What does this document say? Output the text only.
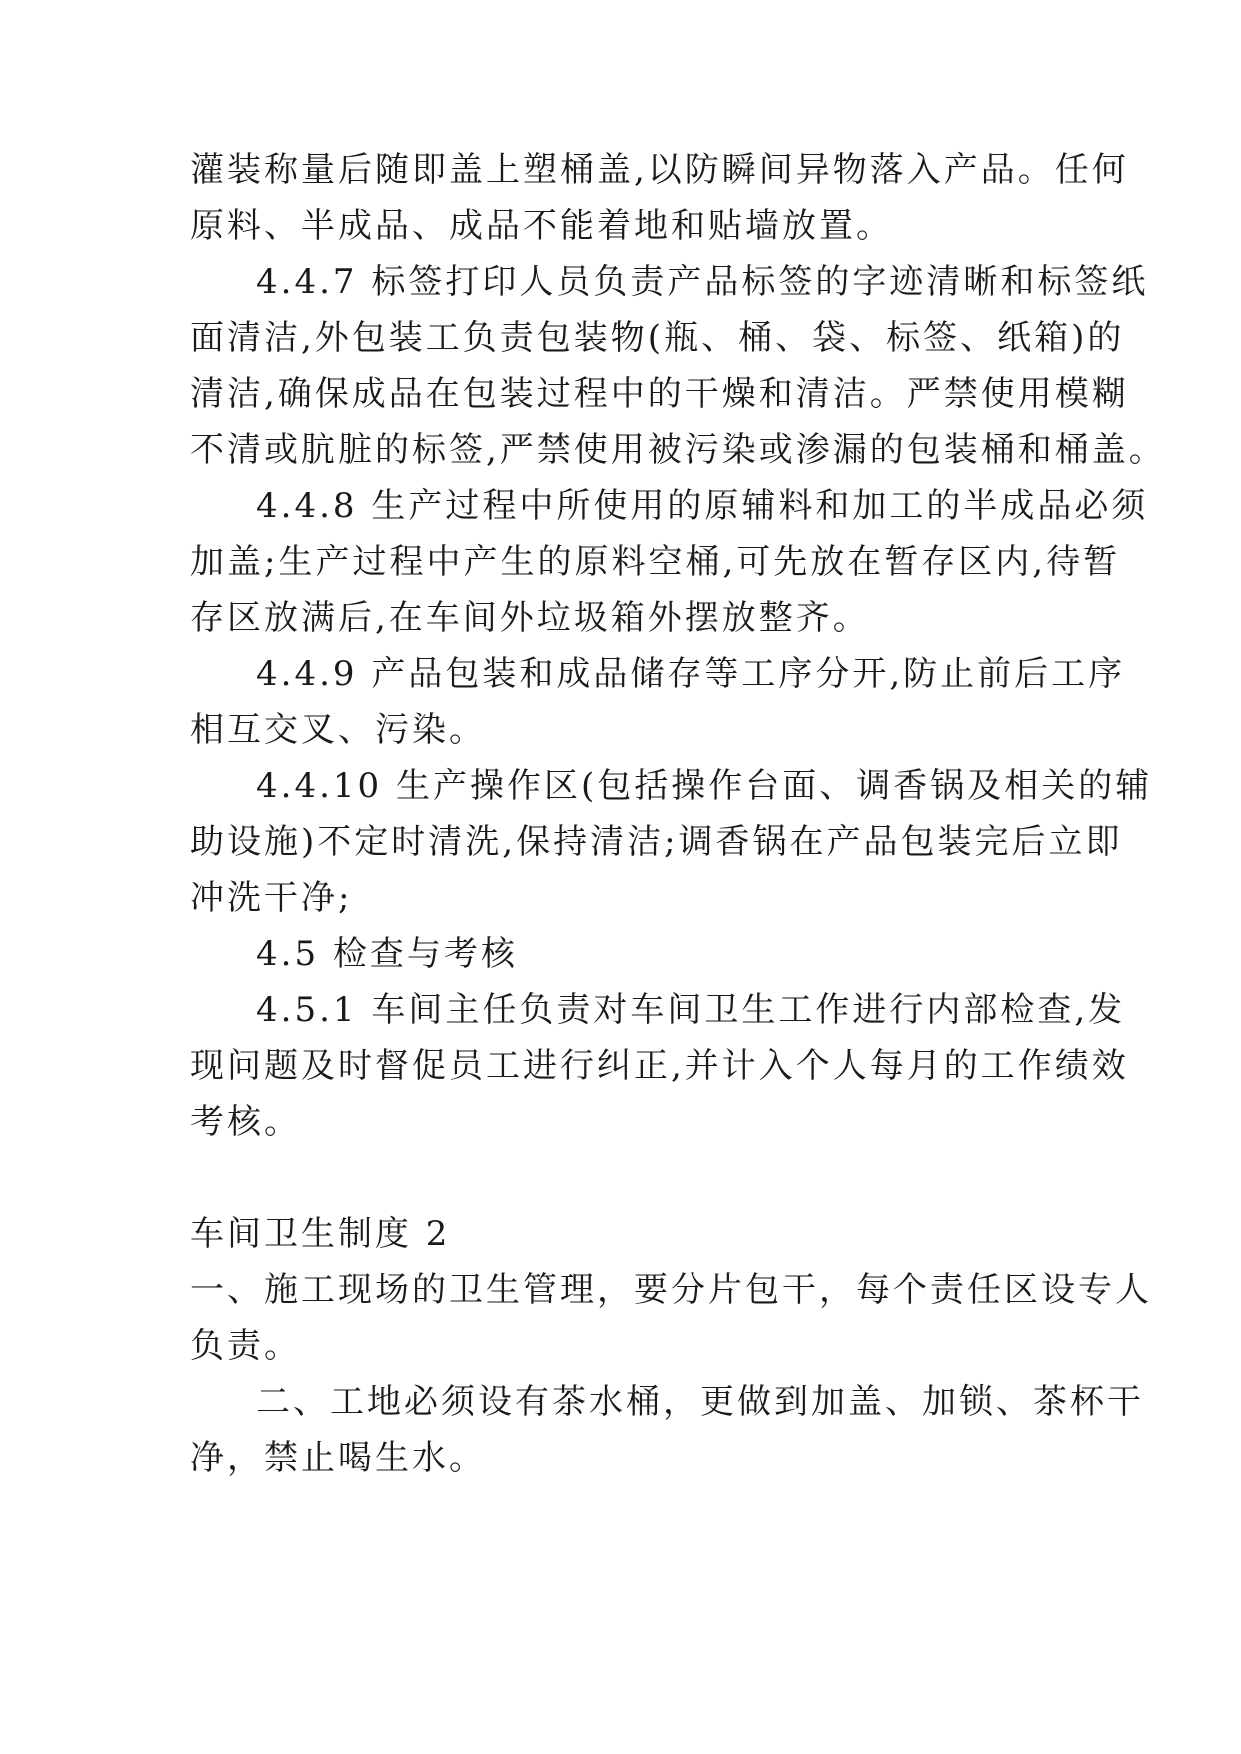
灌装称量后随即盖上塑桶盖,以防瞬间异物落入产品。任何
原料、半成品、成品不能着地和贴墙放置。
4.4.7 标签打印人员负责产品标签的字迹清晰和标签纸
面清洁,外包装工负责包装物(瓶、桶、袋、标签、纸箱)的
清洁,确保成品在包装过程中的干燥和清洁。严禁使用模糊
不清或肮脏的标签,严禁使用被污染或渗漏的包装桶和桶盖。
4.4.8 生产过程中所使用的原辅料和加工的半成品必须
加盖;生产过程中产生的原料空桶,可先放在暂存区内,待暂
存区放满后,在车间外垃圾箱外摆放整齐。
4.4.9 产品包装和成品储存等工序分开,防止前后工序
相互交叉、污染。
4.4.10 生产操作区(包括操作台面、调香锅及相关的辅
助设施)不定时清洗,保持清洁;调香锅在产品包装完后立即
冲洗干净;
4.5 检查与考核
4.5.1 车间主任负责对车间卫生工作进行内部检查,发
现问题及时督促员工进行纠正,并计入个人每月的工作绩效
考核。
车间卫生制度 2
一、施工现场的卫生管理，要分片包干，每个责任区设专人
负责。
二、工地必须设有茶水桶，更做到加盖、加锁、茶杯干
净，禁止喝生水。
